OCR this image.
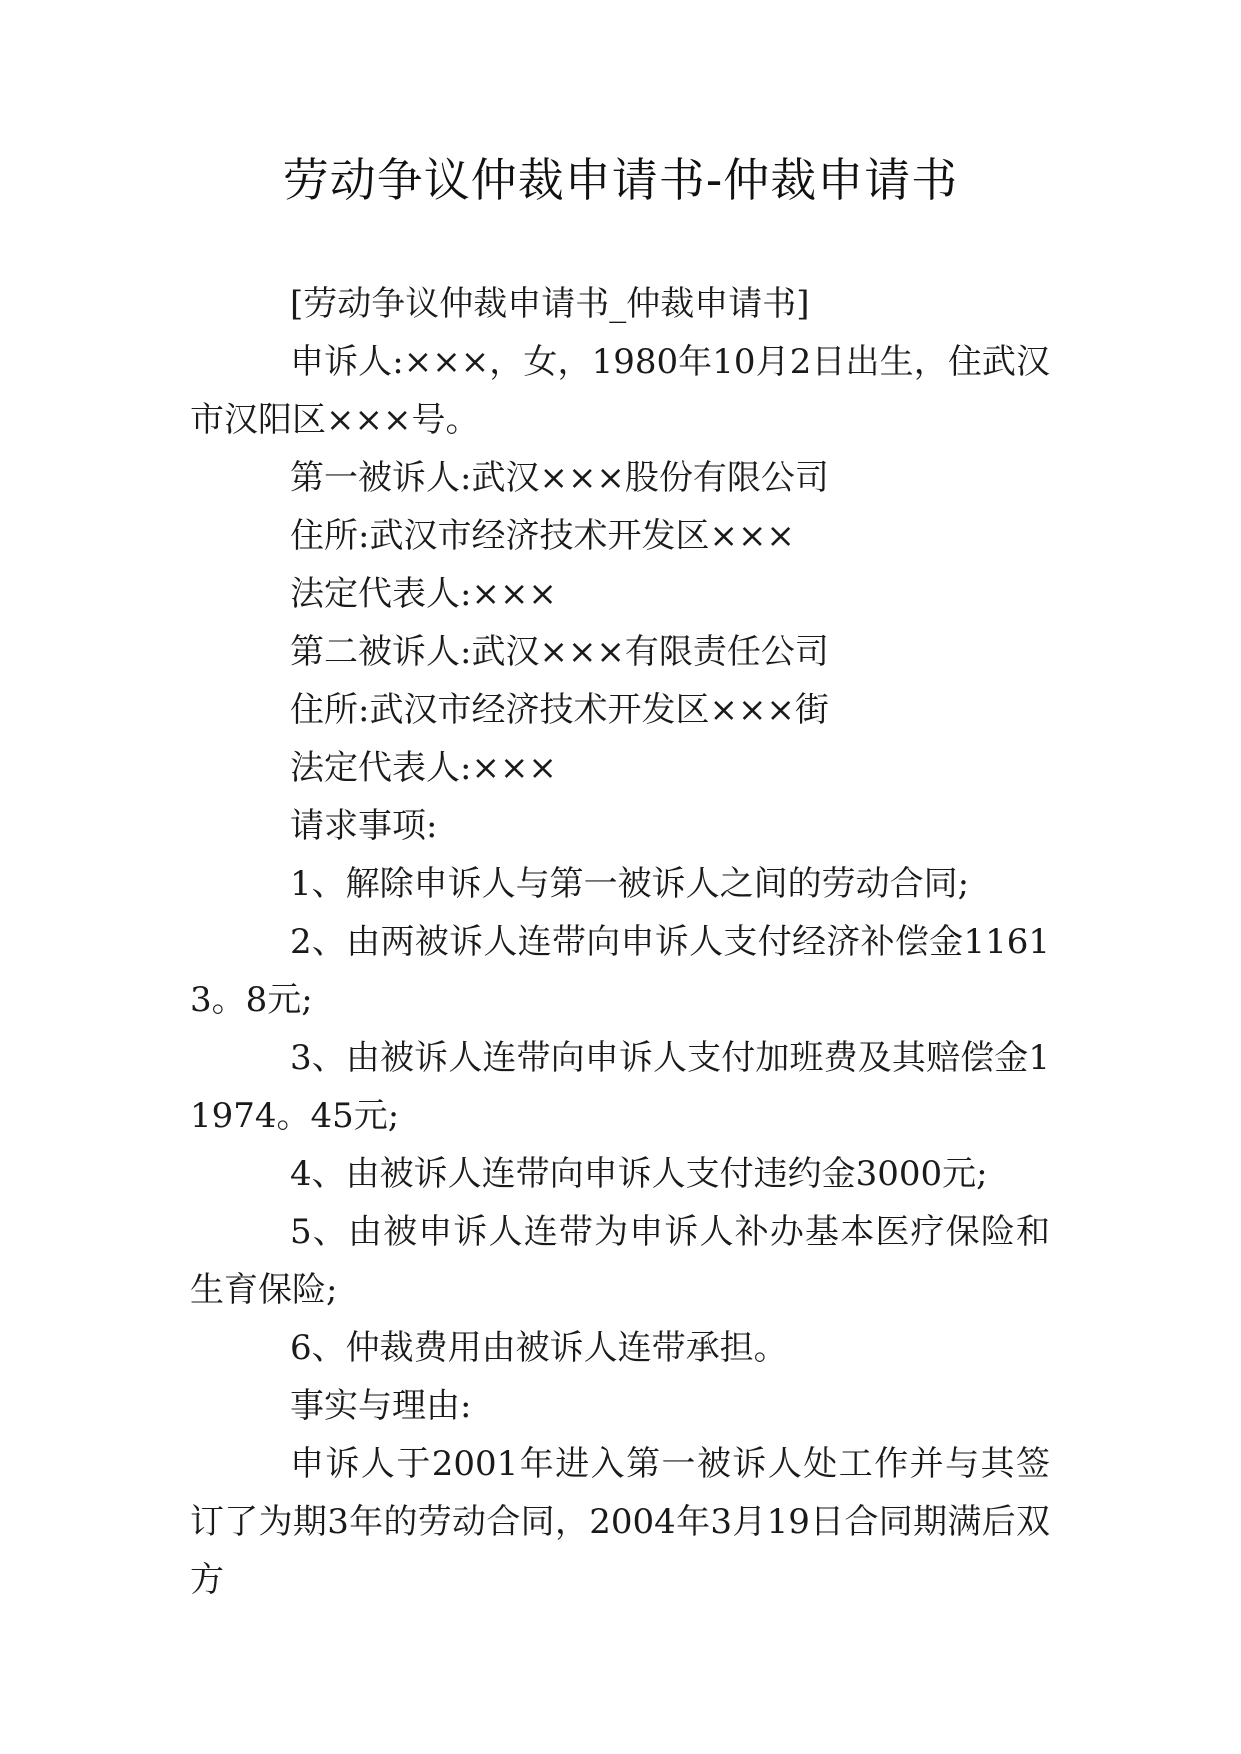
劳动争议仲裁申请书-仲裁申请书

[劳动争议仲裁申请书_仲裁申请书]

申诉人:×××，女，1980年10月2日出生，住武汉市汉阳区×××号。

第一被诉人:武汉×××股份有限公司

住所:武汉市经济技术开发区×××

法定代表人:×××

第二被诉人:武汉×××有限责任公司

住所:武汉市经济技术开发区×××街

法定代表人:×××

请求事项:

1、解除申诉人与第一被诉人之间的劳动合同;

2、由两被诉人连带向申诉人支付经济补偿金11613。8元;

3、由被诉人连带向申诉人支付加班费及其赔偿金11974。45元;

4、由被诉人连带向申诉人支付违约金3000元;

5、由被申诉人连带为申诉人补办基本医疗保险和生育保险;

6、仲裁费用由被诉人连带承担。

事实与理由:

申诉人于2001年进入第一被诉人处工作并与其签订了为期3年的劳动合同，2004年3月19日合同期满后双方
